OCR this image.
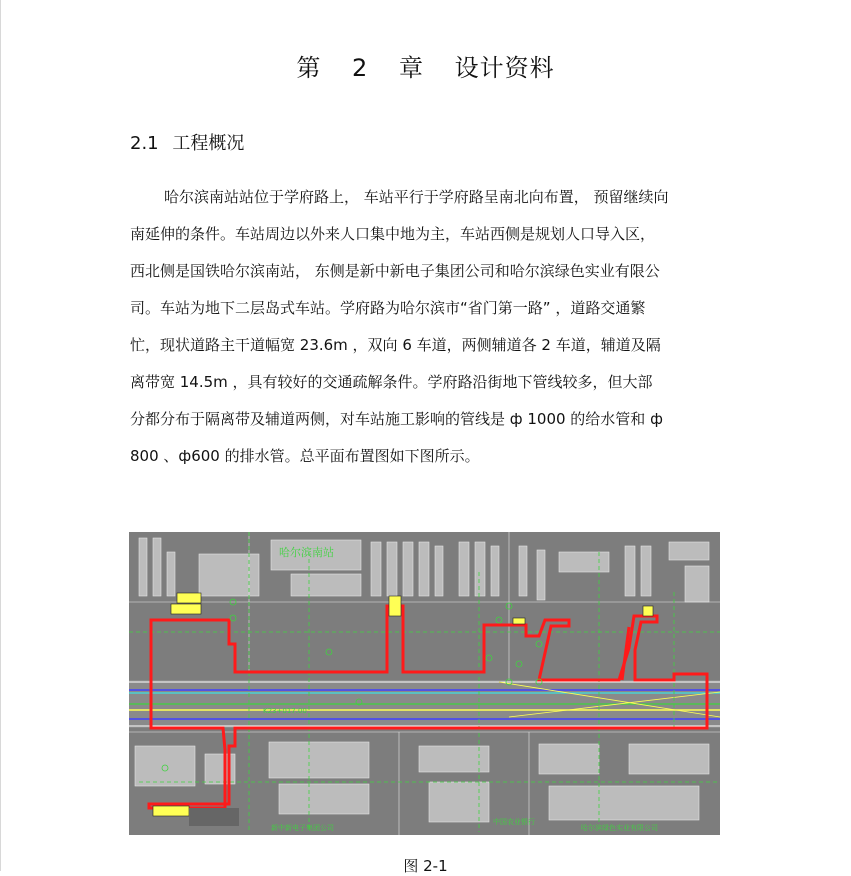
第 2 章 设计资料
2.1 工程概况
哈尔滨南站站位于学府路上， 车站平行于学府路呈南北向布置， 预留继续向
南延伸的条件。车站周边以外来人口集中地为主，车站西侧是规划人口导入区，
西北侧是国铁哈尔滨南站， 东侧是新中新电子集团公司和哈尔滨绿色实业有限公
司。车站为地下二层岛式车站。学府路为哈尔滨市“省门第一路” ，道路交通繁
忙，现状道路主干道幅宽 23.6m ，双向 6 车道，两侧辅道各 2 车道，辅道及隔
离带宽 14.5m ，具有较好的交通疏解条件。学府路沿街地下管线较多，但大部
分都分布于隔离带及辅道两侧，对车站施工影响的管线是 ф 1000 的给水管和 ф
800 、ф600 的排水管。总平面布置图如下图所示。
哈尔滨南站
K23+017.00
新中新电子集团公司
中国农业银行
哈尔滨绿色实业有限公司
图 2-1
